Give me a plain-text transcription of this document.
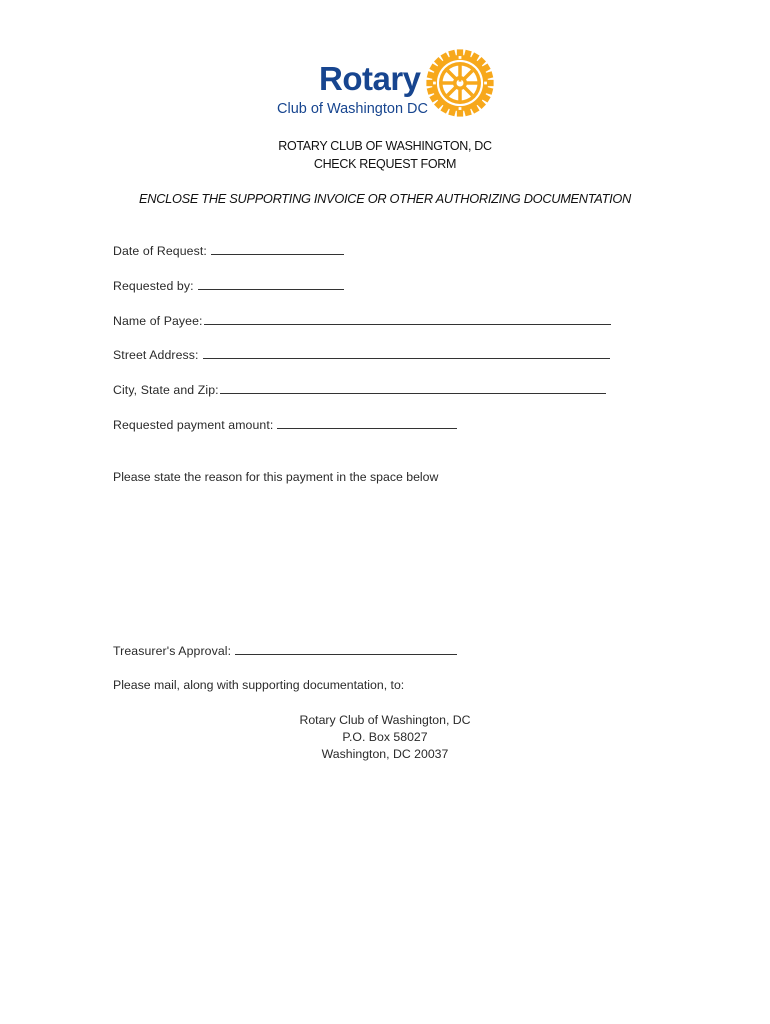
Rotary
Club of Washington DC
ROTARY CLUB OF WASHINGTON, DC
CHECK REQUEST FORM
ENCLOSE THE SUPPORTING INVOICE OR OTHER AUTHORIZING DOCUMENTATION
Date of Request:
Requested by:
Name of Payee:
Street Address:
City, State and Zip:
Requested payment amount:
Please state the reason for this payment in the space below
Treasurer's Approval:
Please mail, along with supporting documentation, to:
Rotary Club of Washington, DC
P.O. Box 58027
Washington, DC 20037
